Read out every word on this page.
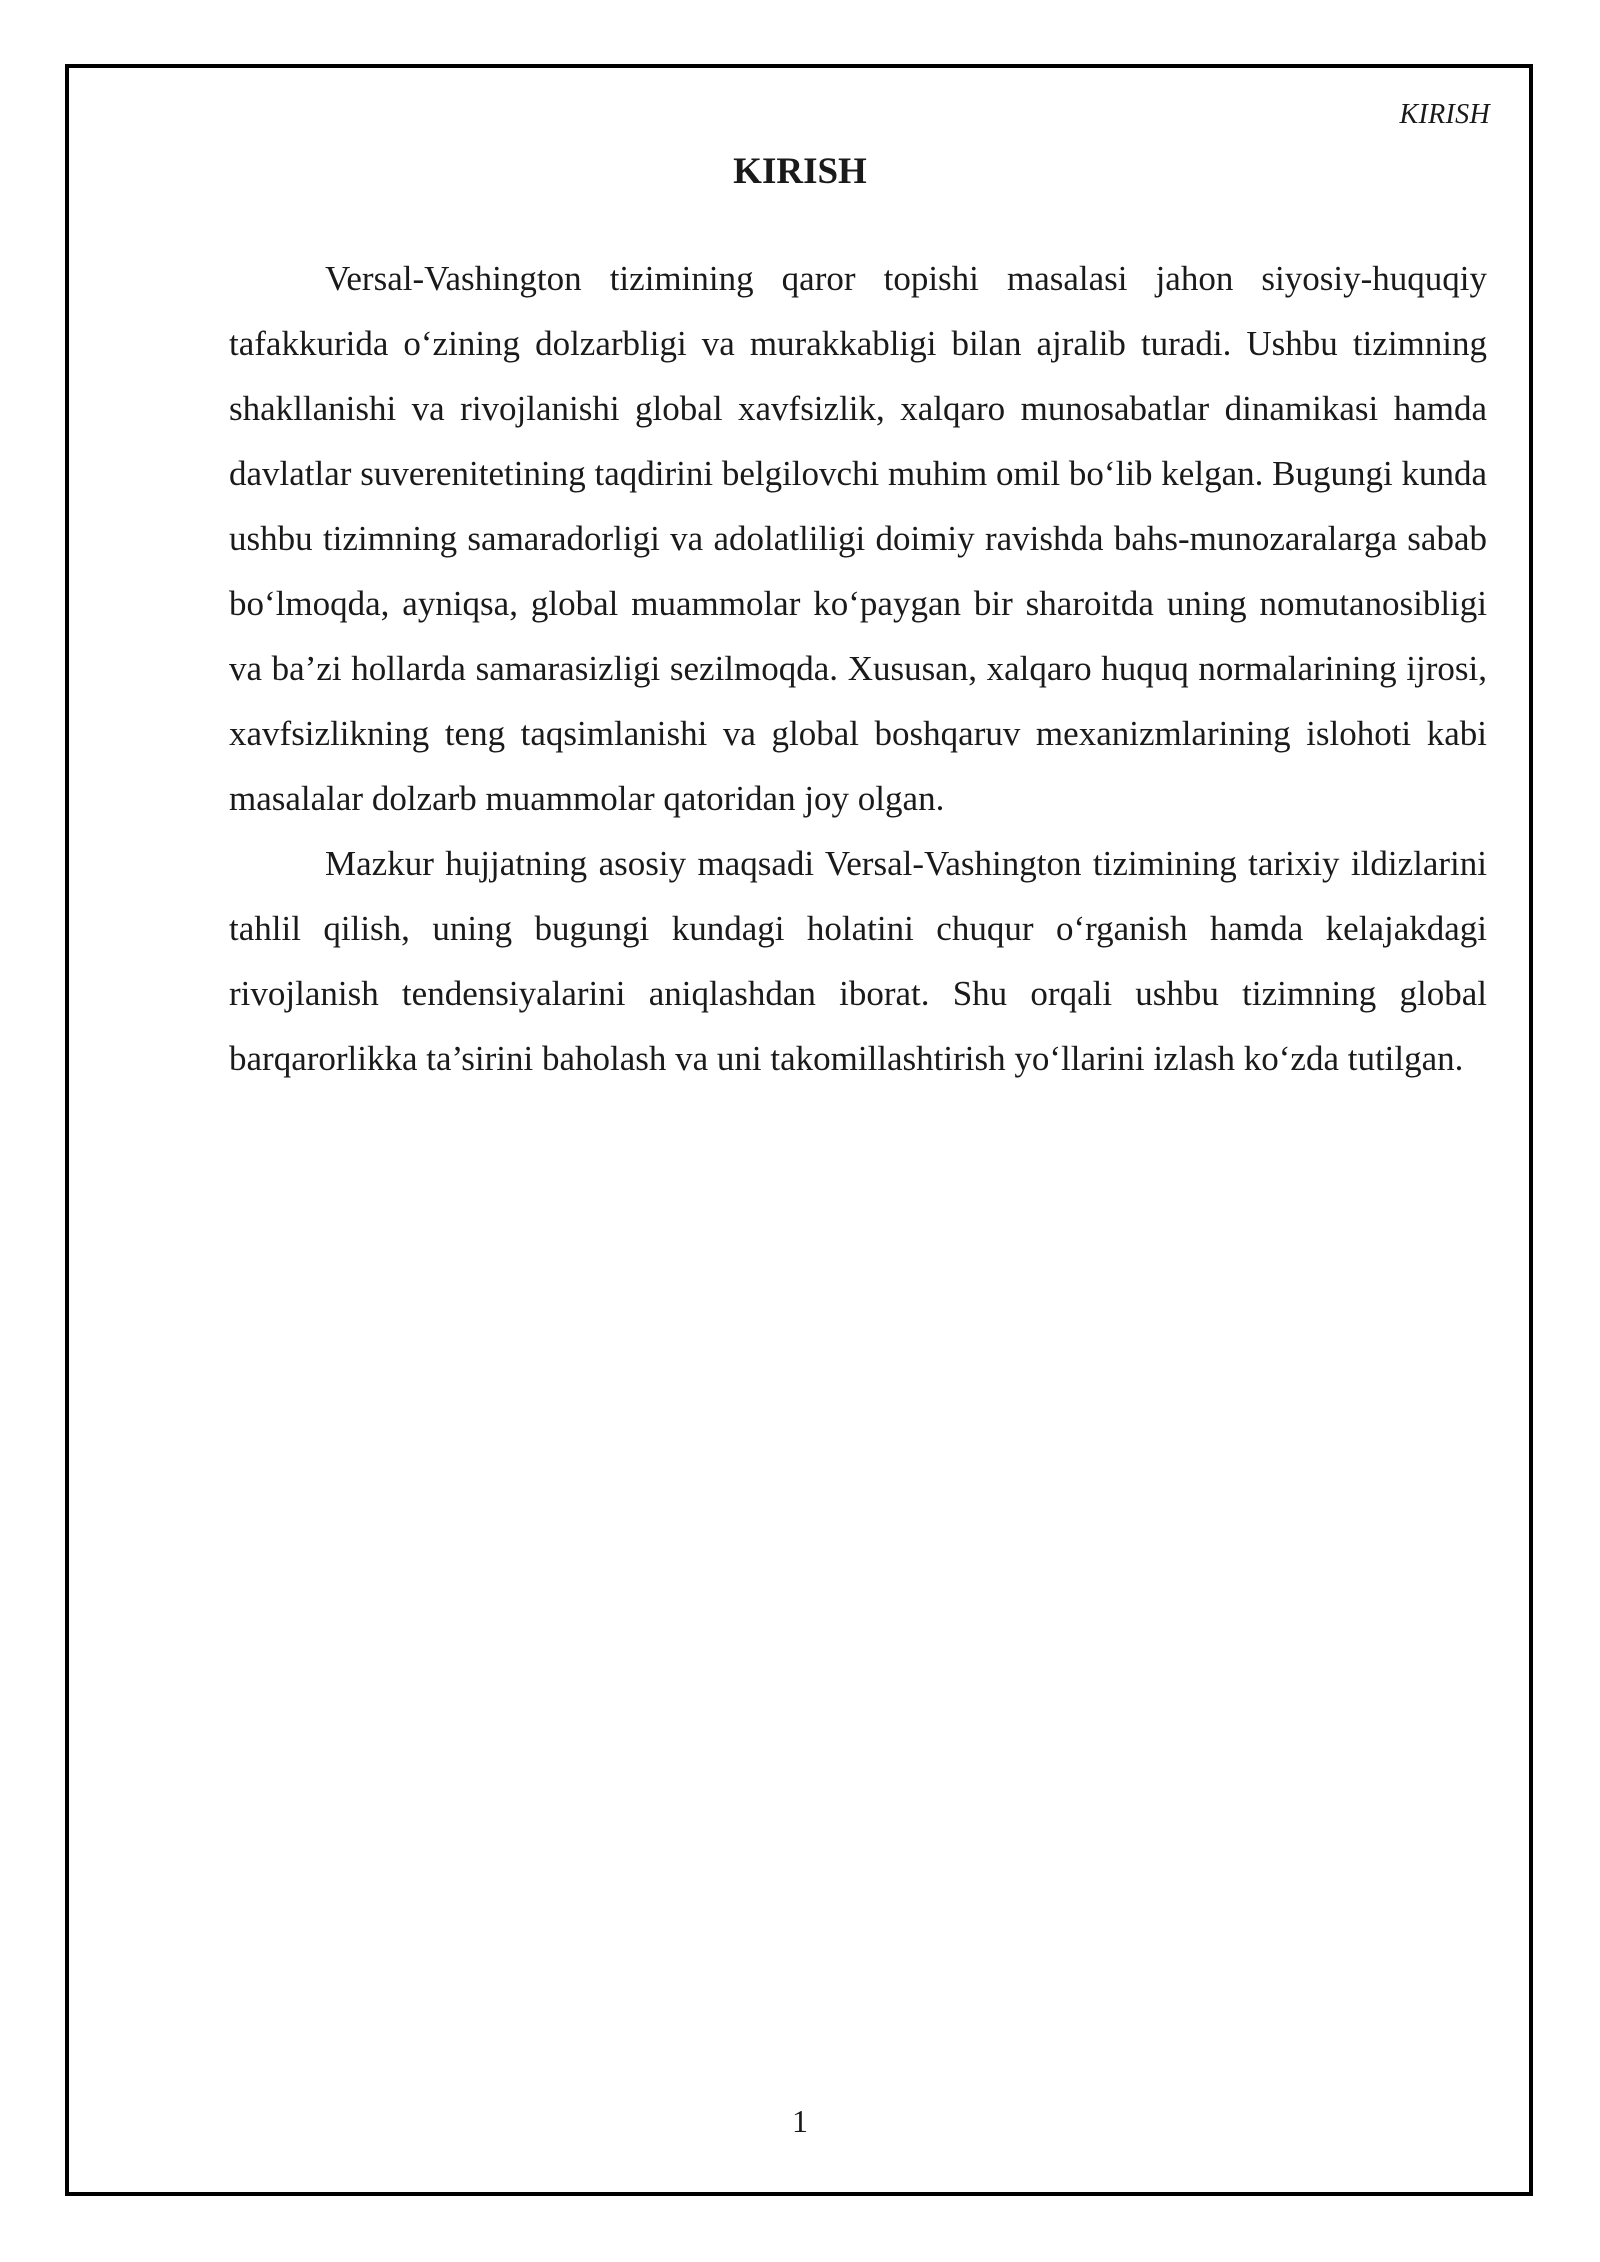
KIRISH
KIRISH

Versal-Vashington tizimining qaror topishi masalasi jahon siyosiy-huquqiy tafakkurida o‘zining dolzarbligi va murakkabligi bilan ajralib turadi. Ushbu tizimning shakllanishi va rivojlanishi global xavfsizlik, xalqaro munosabatlar dinamikasi hamda davlatlar suverenitetining taqdirini belgilovchi muhim omil bo‘lib kelgan. Bugungi kunda ushbu tizimning samaradorligi va adolatliligi doimiy ravishda bahs-munozaralarga sabab bo‘lmoqda, ayniqsa, global muammolar ko‘paygan bir sharoitda uning nomutanosibligi va ba’zi hollarda samarasizligi sezilmoqda. Xususan, xalqaro huquq normalarining ijrosi, xavfsizlikning teng taqsimlanishi va global boshqaruv mexanizmlarining islohoti kabi masalalar dolzarb muammolar qatoridan joy olgan.

Mazkur hujjatning asosiy maqsadi Versal-Vashington tizimining tarixiy ildizlarini tahlil qilish, uning bugungi kundagi holatini chuqur o‘rganish hamda kelajakdagi rivojlanish tendensiyalarini aniqlashdan iborat. Shu orqali ushbu tizimning global barqarorlikka ta’sirini baholash va uni takomillashtirish yo‘llarini izlash ko‘zda tutilgan.

1
